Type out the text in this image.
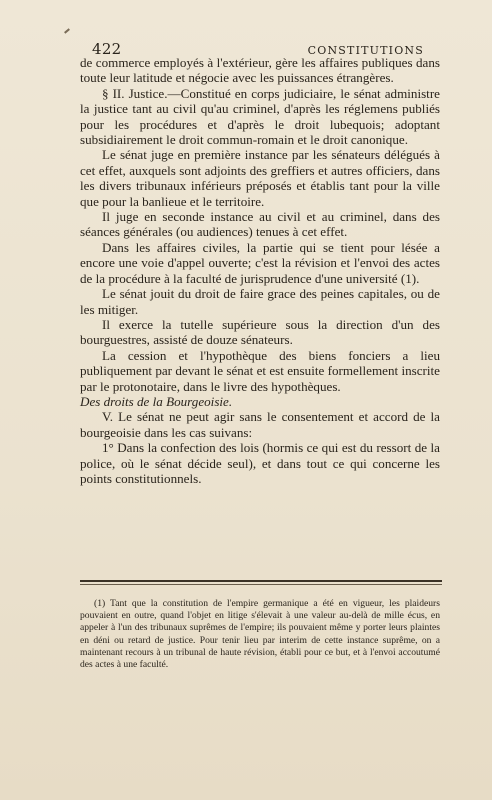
422	CONSTITUTIONS

de commerce employés à l'extérieur, gère les affaires publiques dans toute leur latitude et négocie avec les puissances étrangères.

§ II. Justice.—Constitué en corps judiciaire, le sénat administre la justice tant au civil qu'au criminel, d'après les réglemens publiés pour les procédures et d'après le droit lubequois; adoptant subsidiairement le droit commun-romain et le droit canonique.

Le sénat juge en première instance par les sénateurs délégués à cet effet, auxquels sont adjoints des greffiers et autres officiers, dans les divers tribunaux inférieurs préposés et établis tant pour la ville que pour la banlieue et le territoire.

Il juge en seconde instance au civil et au criminel, dans des séances générales (ou audiences) tenues à cet effet.

Dans les affaires civiles, la partie qui se tient pour lésée a encore une voie d'appel ouverte; c'est la révision et l'envoi des actes de la procédure à la faculté de jurisprudence d'une université (1).

Le sénat jouit du droit de faire grace des peines capitales, ou de les mitiger.

Il exerce la tutelle supérieure sous la direction d'un des bourguestres, assisté de douze sénateurs.

La cession et l'hypothèque des biens fonciers a lieu publiquement par devant le sénat et est ensuite formellement inscrite par le protonotaire, dans le livre des hypothèques.

Des droits de la Bourgeoisie.

V. Le sénat ne peut agir sans le consentement et accord de la bourgeoisie dans les cas suivans:

1° Dans la confection des lois (hormis ce qui est du ressort de la police, où le sénat décide seul), et dans tout ce qui concerne les points constitutionnels.

(1) Tant que la constitution de l'empire germanique a été en vigueur, les plaideurs pouvaient en outre, quand l'objet en litige s'élevait à une valeur au-delà de mille écus, en appeler à l'un des tribunaux suprêmes de l'empire; ils pouvaient même y porter leurs plaintes en déni ou retard de justice. Pour tenir lieu par interim de cette instance suprême, on a maintenant recours à un tribunal de haute révision, établi pour ce but, et à l'envoi accoutumé des actes à une faculté.
